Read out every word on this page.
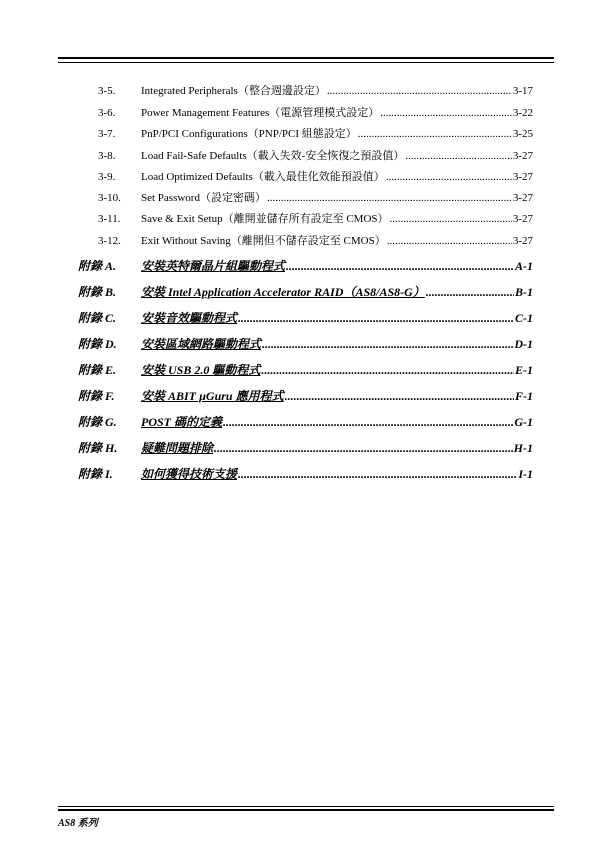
3-5. Integrated Peripherals（整合週邊設定） .....	3-17
3-6. Power Management Features（電源管理模式設定） .....	3-22
3-7. PnP/PCI Configurations（PNP/PCI 組態設定） .....	3-25
3-8. Load Fail-Safe Defaults（載入失效-安全恢復之預設值） .....	3-27
3-9. Load Optimized Defaults（載入最佳化效能預設值） .....	3-27
3-10. Set Password（設定密碼） .....	3-27
3-11. Save & Exit Setup（離開並儲存所有設定至 CMOS） .....	3-27
3-12. Exit Without Saving（離開但不儲存設定至 CMOS） .....	3-27
附錄 A. 安裝英特爾晶片組驅動程式 .....	A-1
附錄 B. 安裝 Intel Application Accelerator RAID（AS8/AS8-G） .....	B-1
附錄 C. 安裝音效驅動程式 .....	C-1
附錄 D. 安裝區域網路驅動程式 .....	D-1
附錄 E. 安裝 USB 2.0 驅動程式 .....	E-1
附錄 F. 安裝 ABIT µGuru 應用程式 .....	F-1
附錄 G. POST 碼的定義 .....	G-1
附錄 H. 疑難問題排除 .....	H-1
附錄 I. 如何獲得技術支援 .....	I-1
AS8 系列
